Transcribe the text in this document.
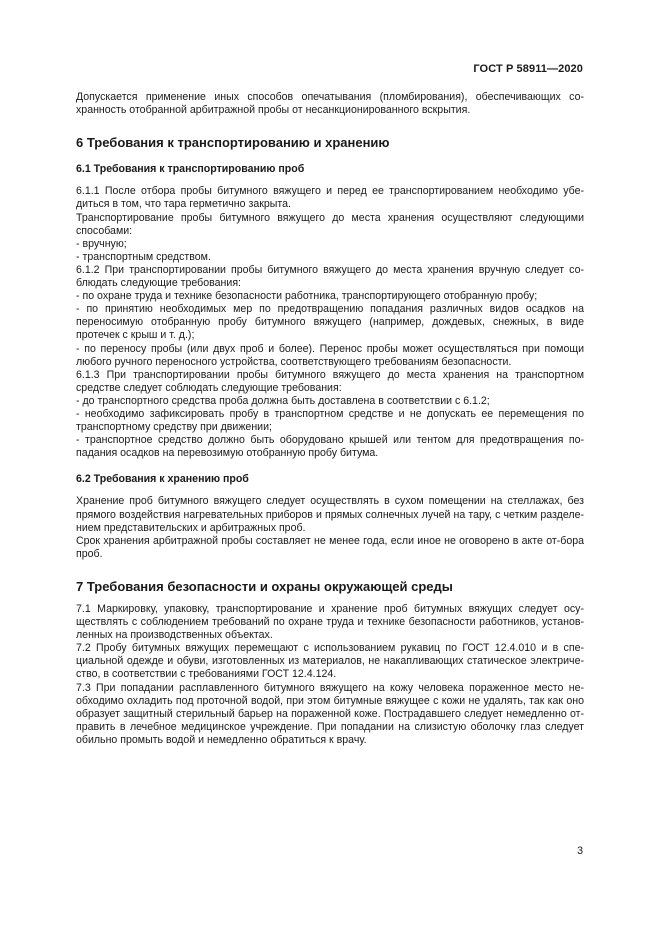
ГОСТ Р 58911—2020

Допускается применение иных способов опечатывания (пломбирования), обеспечивающих со-хранность отобранной арбитражной пробы от несанкционированного вскрытия.

6 Требования к транспортированию и хранению

6.1 Требования к транспортированию проб

6.1.1 После отбора пробы битумного вяжущего и перед ее транспортированием необходимо убе-диться в том, что тара герметично закрыта.

Транспортирование пробы битумного вяжущего до места хранения осуществляют следующими способами:

- вручную;

- транспортным средством.

6.1.2 При транспортировании пробы битумного вяжущего до места хранения вручную следует со-блюдать следующие требования:

- по охране труда и технике безопасности работника, транспортирующего отобранную пробу;

- по принятию необходимых мер по предотвращению попадания различных видов осадков на переносимую отобранную пробу битумного вяжущего (например, дождевых, снежных, в виде протечек с крыш и т. д.);

- по переносу пробы (или двух проб и более). Перенос пробы может осуществляться при помощи любого ручного переносного устройства, соответствующего требованиям безопасности.

6.1.3 При транспортировании пробы битумного вяжущего до места хранения на транспортном средстве следует соблюдать следующие требования:

- до транспортного средства проба должна быть доставлена в соответствии с 6.1.2;

- необходимо зафиксировать пробу в транспортном средстве и не допускать ее перемещения по транспортному средству при движении;

- транспортное средство должно быть оборудовано крышей или тентом для предотвращения по-падания осадков на перевозимую отобранную пробу битума.

6.2 Требования к хранению проб

Хранение проб битумного вяжущего следует осуществлять в сухом помещении на стеллажах, без прямого воздействия нагревательных приборов и прямых солнечных лучей на тару, с четким разделе-нием представительских и арбитражных проб.

Срок хранения арбитражной пробы составляет не менее года, если иное не оговорено в акте от-бора проб.

7 Требования безопасности и охраны окружающей среды

7.1 Маркировку, упаковку, транспортирование и хранение проб битумных вяжущих следует осу-ществлять с соблюдением требований по охране труда и технике безопасности работников, установ-ленных на производственных объектах.

7.2 Пробу битумных вяжущих перемещают с использованием рукавиц по ГОСТ 12.4.010 и в спе-циальной одежде и обуви, изготовленных из материалов, не накапливающих статическое электриче-ство, в соответствии с требованиями ГОСТ 12.4.124.

7.3 При попадании расплавленного битумного вяжущего на кожу человека пораженное место не-обходимо охладить под проточной водой, при этом битумные вяжущее с кожи не удалять, так как оно образует защитный стерильный барьер на пораженной коже. Пострадавшего следует немедленно от-править в лечебное медицинское учреждение. При попадании на слизистую оболочку глаз следует обильно промыть водой и немедленно обратиться к врачу.

3
